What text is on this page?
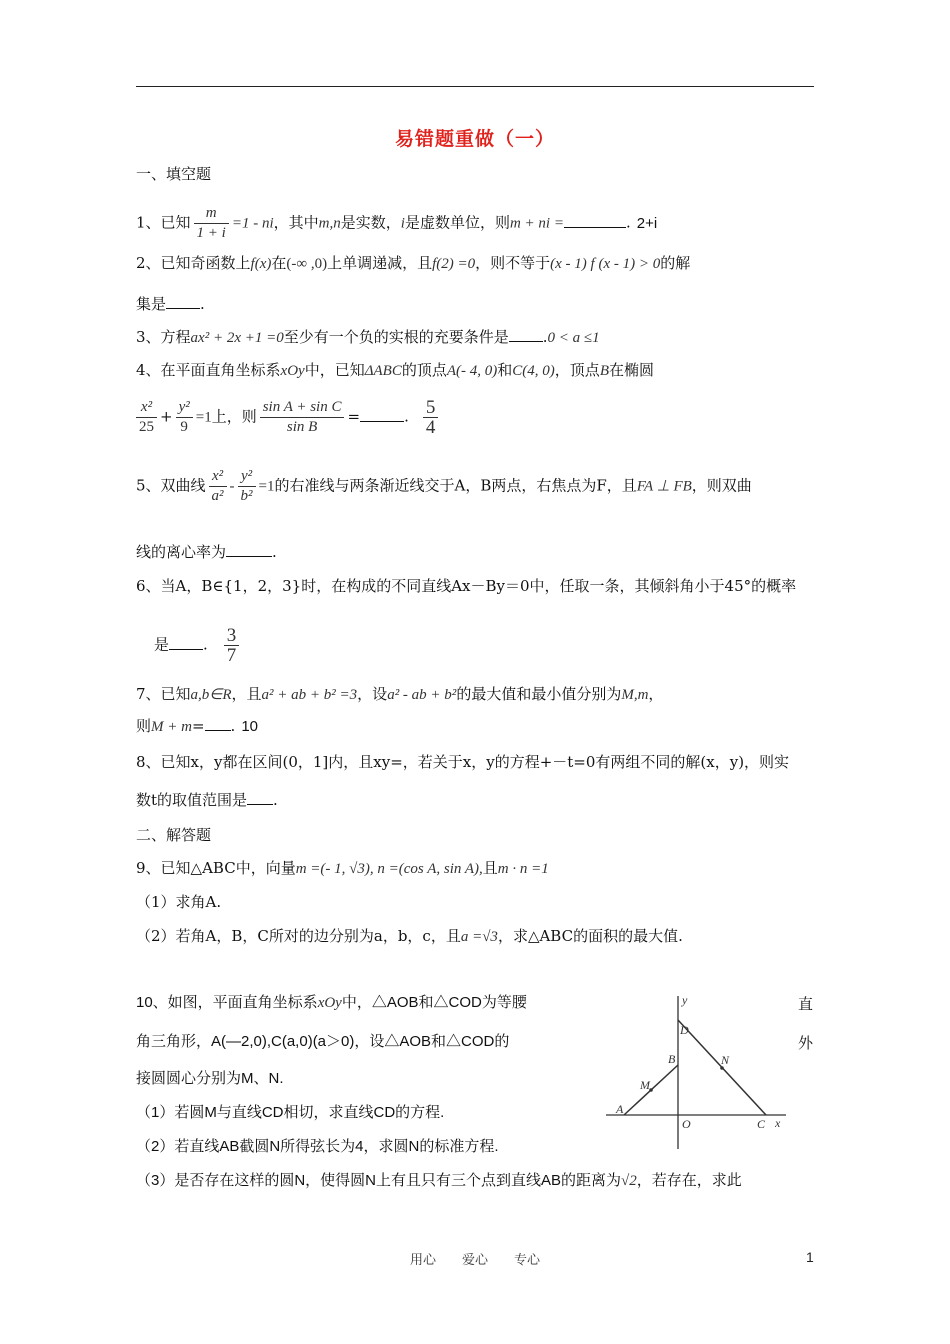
易错题重做（一）
一、填空题
1、已知 $\frac{m}{1 + i} =1$ - ni，其中m,n是实数，i是虚数单位，则m + ni =	. 2+i
2、已知奇函数上f(x)在(-∞ ,0)上单调递减，且f(2) =0，则不等于(x - 1) f (x - 1) > 0的解
集是 .
3、方程ax² + 2x +1 =0至少有一个负的实根的充要条件是 .0 < a ≤1
4、在平面直角坐标系xOy中，已知ΔABC的顶点A(- 4, 0)和C(4, 0)，顶点B在椭圆
$\frac{\text{x²}}{25} + \frac{\text{y²}}{9} =1$上，则 $\frac{\text{sin A + sin C}}{\text{sin B}}$ =	. $\frac{5}{4}$
5、双曲线 $\frac{\text{x²}}{\text{a²}} - \frac{\text{y²}}{\text{b²}} =1$的右准线与两条渐近线交于A，B两点，右焦点为F，且FA ⊥ FB，则双曲
线的离心率为	.
6、当A，B∈{1，2，3}时，在构成的不同直线Ax－By＝0中，任取一条，其倾斜角小于45°的概率
是 . $\frac{3}{7}$
7、已知a,b∈R，且a² + ab + b² =3，设a² - ab + b²的最大值和最小值分别为M,m，
则M + m= . 10
8、已知x，y都在区间(0，1]内，且xy=，若关于x，y的方程+－t=0有两组不同的解(x，y)，则实
数t的取值范围是 .
二、解答题
9、已知△ABC中，向量m =(- 1, √3), n =(cos A, sin A),且m · n =1
（1）求角A.
（2）若角A，B，C所对的边分别为a，b，c，且a =√3，求△ABC的面积的最大值.
10、如图，平面直角坐标系xOy中，△AOB和△COD为等腰	直
角三角形，A(—2,0),C(a,0)(a＞0)，设△AOB和△COD的	外
接圆圆心分别为M、N.
（1）若圆M与直线CD相切，求直线CD的方程.
（2）若直线AB截圆N所得弦长为4，求圆N的标准方程.
（3）是否存在这样的圆N，使得圆N上有且只有三个点到直线AB的距离为√2，若存在，求此
y
x
D
B	N
M
A
O	C
用心　　爱心　　专心	1
